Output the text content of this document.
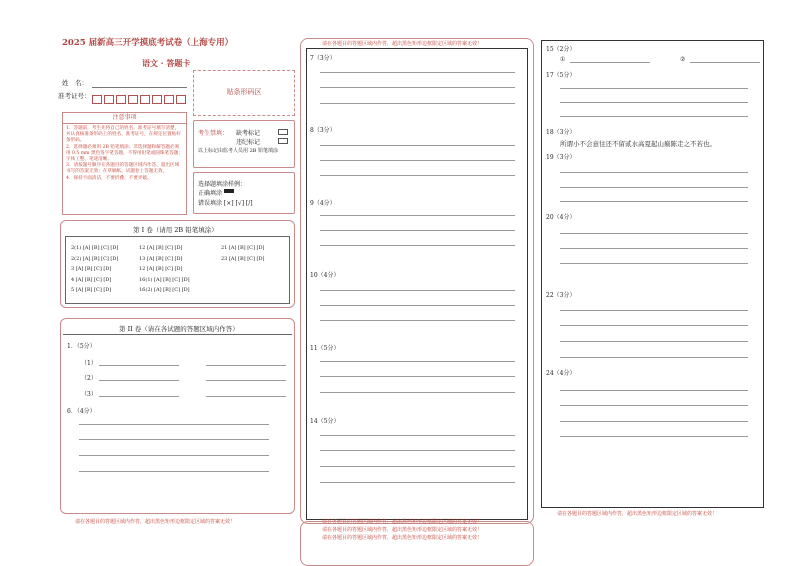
2025 届新高三开学摸底考试卷（上海专用）
语文 · 答题卡
姓　名：
准考证号：	贴条形码区
注意事项
1．答题前，考生先将自己的姓名、准考证号填写清楚，并认真核准条形码上的姓名、准考证号，在规定位置贴好条形码。
2．选择题必须用 2B 铅笔填涂；非选择题和解答题必须用 0.5 mm 黑色签字笔答题，不得用铅笔或圆珠笔答题；字体工整、笔迹清晰。
3．请按题号顺序在各题目的答题区域内作答，超出区域书写的答案无效；在草稿纸、试题卷上答题无效。
4．保持卡面清洁，不要折叠、不要弄破。
考生禁填： 缺考标记
违纪标记
以上标记由监考人员用 2B 铅笔填涂
选择题填涂样例：
正确填涂
错误填涂 [×] [√] [/]
第 I 卷（请用 2B 铅笔填涂）
2(1) [A] [B] [C] [D]
2(2) [A] [B] [C] [D]
3 [A] [B] [C] [D]
4 [A] [B] [C] [D]
5 [A] [B] [C] [D]
12 [A] [B] [C] [D]
13 [A] [B] [C] [D]
12 [A] [B] [C] [D]
16(1) [A] [B] [C] [D]
16(2) [A] [B] [C] [D]
21 [A] [B] [C] [D]
23 [A] [B] [C] [D]
第 II 卷（请在各试题的答题区域内作答）
1．（5分）
（1）
（2）
（3）
6．（4分）
请在各题目的答题区域内作答，超出黑色矩形边框限定区域的答案无效！
请在各题目的答题区域内作答，超出黑色矩形边框限定区域的答案无效！
7（3分）
8（3分）
9（4分）
10（4分）
11（5分）
14（5分）
请在各题目的答题区域内作答，超出黑色矩形边框限定区域的答案无效！
请在各题目的答题区域内作答，超出黑色矩形边框限定区域的答案无效！
请在各题目的答题区域内作答，超出黑色矩形边框限定区域的答案无效！
15（2分）
①	②
17（5分）
18（3分）
所谓小不会意往还不留贰水高夏起山巅陈走之不若也。
19（3分）
20（4分）
22（3分）
24（4分）
请在各题目的答题区域内作答，超出黑色矩形边框限定区域的答案无效！
